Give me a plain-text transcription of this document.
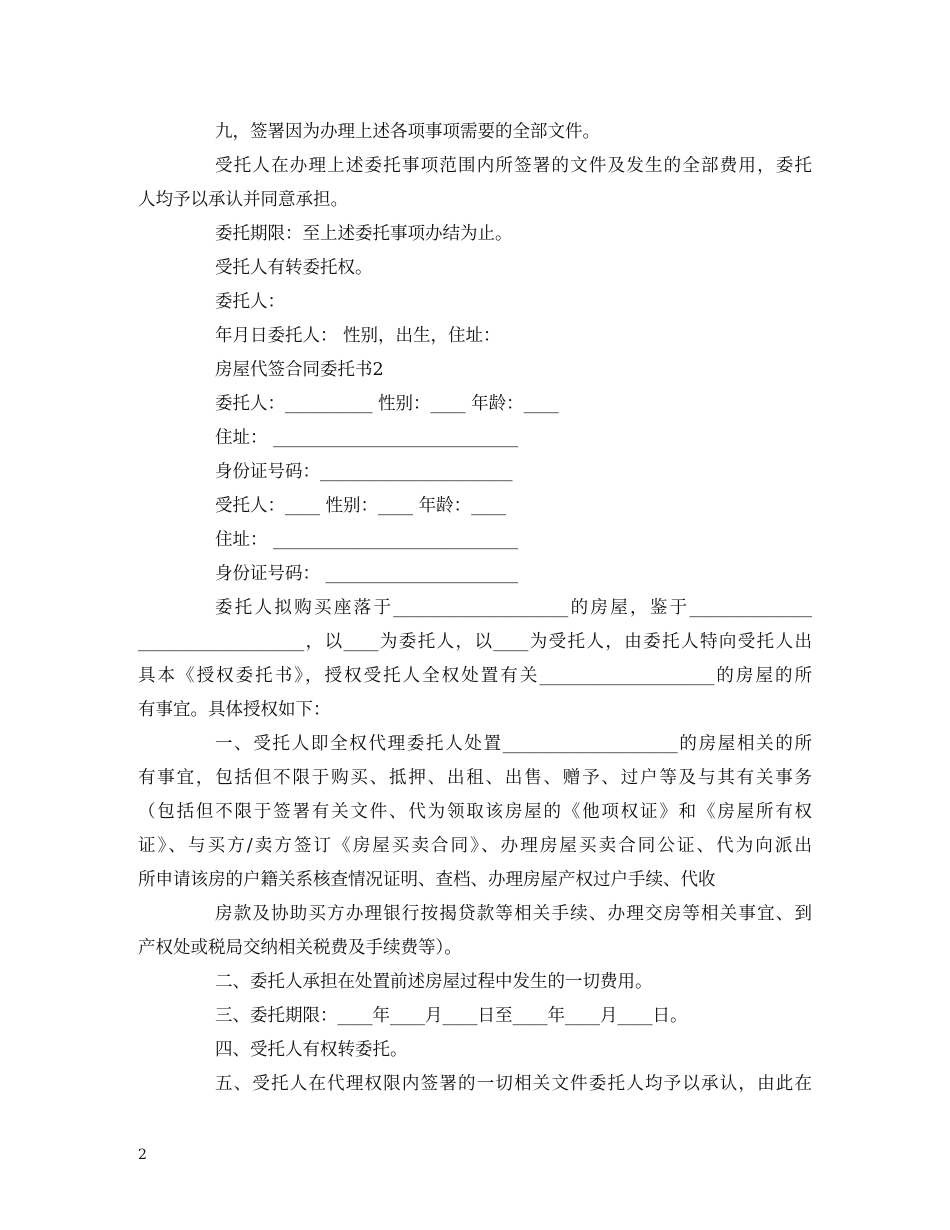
九，签署因为办理上述各项事项需要的全部文件。
受托人在办理上述委托事项范围内所签署的文件及发生的全部费用，委托
人均予以承认并同意承担。
委托期限：至上述委托事项办结为止。
受托人有转委托权。
委托人：
年月日委托人： 性别，出生，住址：
房屋代签合同委托书2
委托人：__________ 性别：____ 年龄：____
住址： ____________________________
身份证号码：______________________
受托人：____ 性别：____ 年龄：____
住址： ____________________________
身份证号码： ______________________
委托人拟购买座落于____________________的房屋，鉴于______________
___________________，以____为委托人，以____为受托人，由委托人特向受托人出
具本《授权委托书》，授权受托人全权处置有关____________________的房屋的所
有事宜。具体授权如下：
一、受托人即全权代理委托人处置____________________的房屋相关的所
有事宜，包括但不限于购买、抵押、出租、出售、赠予、过户等及与其有关事务
（包括但不限于签署有关文件、代为领取该房屋的《他项权证》和《房屋所有权
证》、与买方/卖方签订《房屋买卖合同》、办理房屋买卖合同公证、代为向派出
所申请该房的户籍关系核查情况证明、查档、办理房屋产权过户手续、代收
房款及协助买方办理银行按揭贷款等相关手续、办理交房等相关事宜、到
产权处或税局交纳相关税费及手续费等）。
二、委托人承担在处置前述房屋过程中发生的一切费用。
三、委托期限：____年____月____日至____年____月____日。
四、受托人有权转委托。
五、受托人在代理权限内签署的一切相关文件委托人均予以承认，由此在
2
